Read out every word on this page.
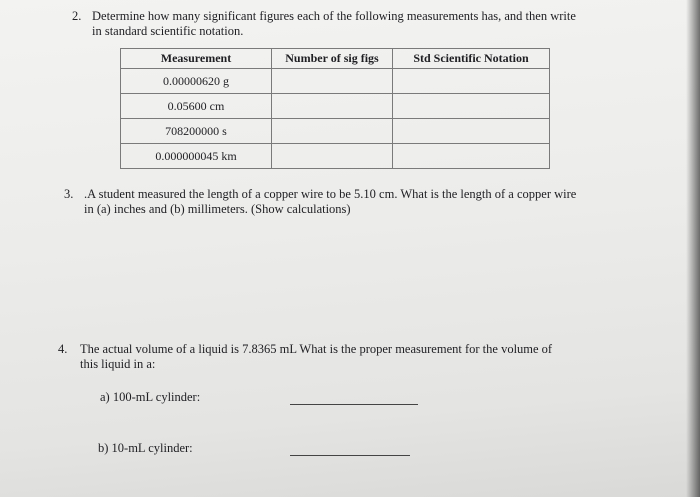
2. Determine how many significant figures each of the following measurements has, and then write
in standard scientific notation.
Measurement	Number of sig figs	Std Scientific Notation
0.00000620 g		
0.05600 cm		
708200000 s		
0.000000045 km		
3. .A student measured the length of a copper wire to be 5.10 cm. What is the length of a copper wire
in (a) inches and (b) millimeters. (Show calculations)
4. The actual volume of a liquid is 7.8365 mL What is the proper measurement for the volume of
this liquid in a:
a) 100-mL cylinder:
b) 10-mL cylinder:
